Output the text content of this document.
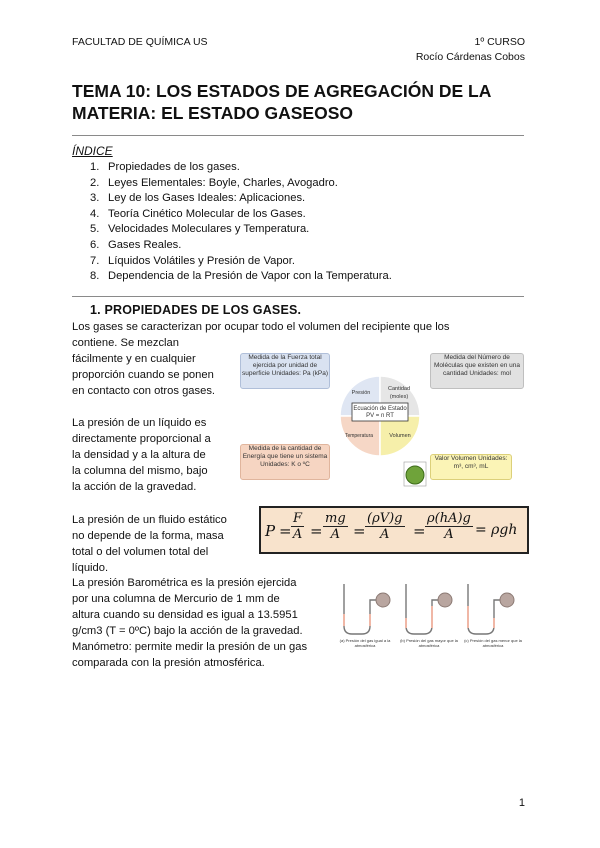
FACULTAD DE QUÍMICA US	1º CURSO
Rocío Cárdenas Cobos
TEMA 10: LOS ESTADOS DE AGREGACIÓN DE LA MATERIA: EL ESTADO GASEOSO
ÍNDICE
1. Propiedades de los gases.
2. Leyes Elementales: Boyle, Charles, Avogadro.
3. Ley de los Gases Ideales: Aplicaciones.
4. Teoría Cinético Molecular de los Gases.
5. Velocidades Moleculares y Temperatura.
6. Gases Reales.
7. Líquidos Volátiles y Presión de Vapor.
8. Dependencia de la Presión de Vapor con la Temperatura.
1. PROPIEDADES DE LOS GASES.
Los gases se caracterizan por ocupar todo el volumen del recipiente que los
contiene. Se mezclan
fácilmente y en cualquier
proporción cuando se ponen
en contacto con otros gases.
La presión de un líquido es
directamente proporcional a
la densidad y a la altura de
la columna del mismo, bajo
la acción de la gravedad.
La presión de un fluido estático
no depende de la forma, masa
total o del volumen total del
líquido.
La presión Barométrica es la presión ejercida
por una columna de Mercurio de 1 mm de
altura cuando su densidad es igual a 13.5951
g/cm3 (T = 0ºC) bajo la acción de la gravedad.
Manómetro: permite medir la presión de un gas
comparada con la presión atmosférica.
Medida de la Fuerza total ejercida por unidad de superficie Unidades: Pa (kPa)
Medida del Número de Moléculas que existen en una cantidad Unidades: mol
Medida de la cantidad de Energía que tiene un sistema Unidades: K o ºC
Valor Volumen Unidades: m³, cm³, mL
Presión
Cantidad (moles)
Temperatura	Volumen
Ecuación de Estado
PV = n RT
P =
F
A =
mg
A =
(ρV)g
A	=
ρ(hA)g
A	= ρgh
(a) Presión del gas igual a la atmosférica
(b) Presión del gas mayor que la atmosférica
(c) Presión del gas menor que la atmosférica
1
